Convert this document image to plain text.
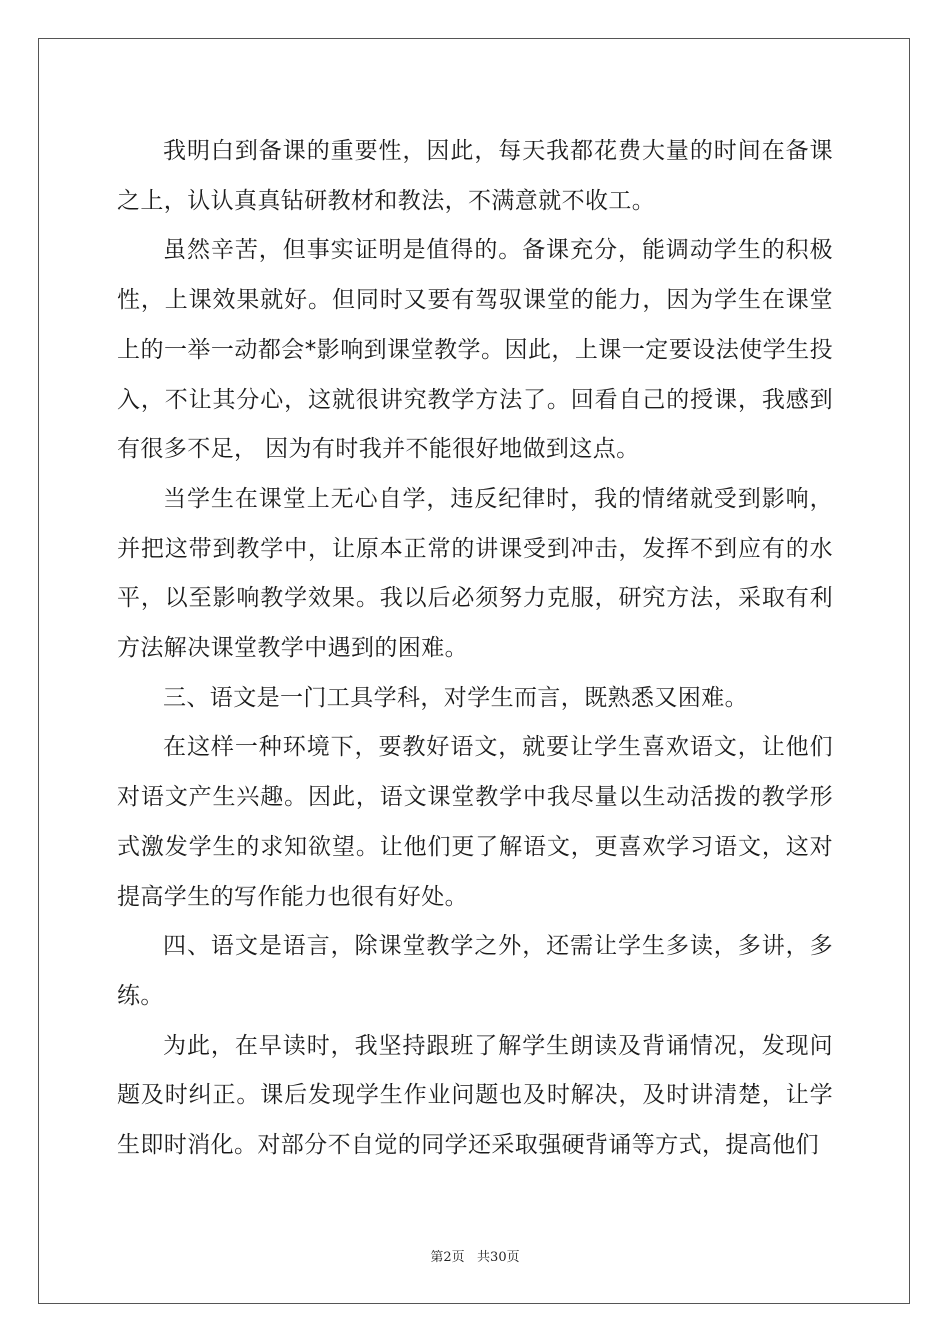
我明白到备课的重要性，因此，每天我都花费大量的时间在备课之上，认认真真钻研教材和教法，不满意就不收工。

虽然辛苦，但事实证明是值得的。备课充分，能调动学生的积极性，上课效果就好。但同时又要有驾驭课堂的能力，因为学生在课堂上的一举一动都会*影响到课堂教学。因此，上课一定要设法使学生投入，不让其分心，这就很讲究教学方法了。回看自己的授课，我感到有很多不足， 因为有时我并不能很好地做到这点。

当学生在课堂上无心自学，违反纪律时，我的情绪就受到影响，并把这带到教学中，让原本正常的讲课受到冲击，发挥不到应有的水平，以至影响教学效果。我以后必须努力克服，研究方法，采取有利方法解决课堂教学中遇到的困难。

三、语文是一门工具学科，对学生而言，既熟悉又困难。

在这样一种环境下，要教好语文，就要让学生喜欢语文，让他们对语文产生兴趣。因此，语文课堂教学中我尽量以生动活拨的教学形式激发学生的求知欲望。让他们更了解语文，更喜欢学习语文，这对提高学生的写作能力也很有好处。

四、语文是语言，除课堂教学之外，还需让学生多读，多讲，多练。

为此，在早读时，我坚持跟班了解学生朗读及背诵情况，发现问题及时纠正。课后发现学生作业问题也及时解决，及时讲清楚，让学生即时消化。对部分不自觉的同学还采取强硬背诵等方式，提高他们

第2页   共30页
